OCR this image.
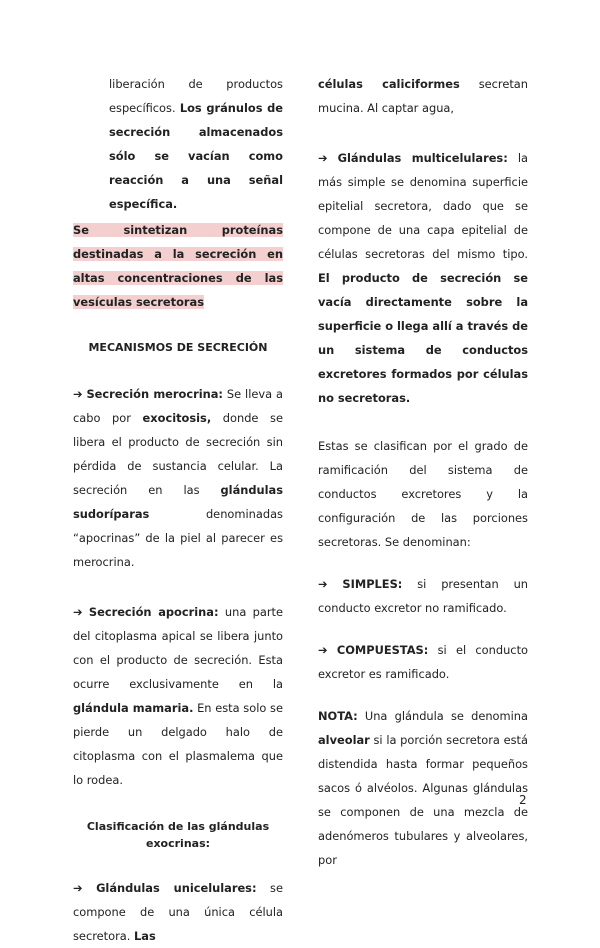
liberación de productos específicos. Los gránulos de secreción almacenados sólo se vacían como reacción a una señal específica.

Se sintetizan proteínas destinadas a la secreción en altas concentraciones de las vesículas secretoras

MECANISMOS DE SECRECIÓN

➔ Secreción merocrina: Se lleva a cabo por exocitosis, donde se libera el producto de secreción sin pérdida de sustancia celular. La secreción en las glándulas sudoríparas	denominadas “apocrinas” de la piel al parecer es merocrina.

➔ Secreción apocrina: una parte del citoplasma apical se libera junto con el producto de secreción. Esta ocurre exclusivamente en la glándula mamaria. En esta solo se pierde un delgado halo de citoplasma con el plasmalema que lo rodea.

Clasificación de las glándulas exocrinas:

➔ Glándulas unicelulares: se compone de una única célula secretora. Las

células caliciformes secretan mucina. Al captar agua,

➔ Glándulas multicelulares: la más simple se denomina superficie epitelial secretora, dado que se compone de una capa epitelial de células secretoras del mismo tipo. El producto de secreción se vacía directamente sobre la superficie o llega allí a través de un sistema de conductos excretores formados por células no secretoras.

Estas se clasifican por el grado de ramificación del sistema de conductos excretores y la configuración de las porciones secretoras. Se denominan:

➔ SIMPLES: si presentan un conducto excretor no ramificado.

➔ COMPUESTAS: si el conducto excretor es ramificado.

NOTA: Una glándula se denomina alveolar si la porción secretora está distendida hasta formar pequeños sacos ó alvéolos. Algunas glándulas se componen de una mezcla de adenómeros tubulares y alveolares, por

2
